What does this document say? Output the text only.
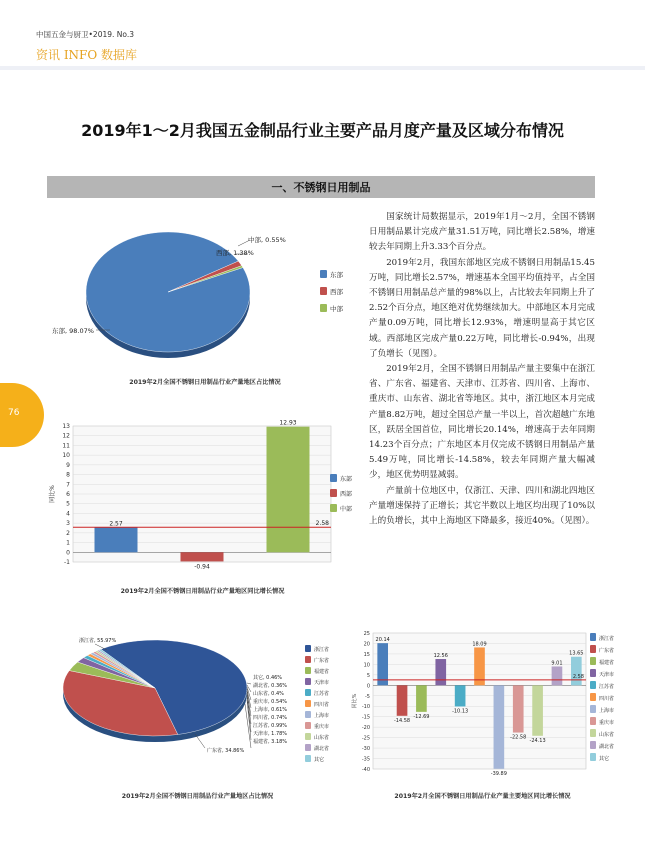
中国五金与厨卫•2019. No.3
资讯 INFO 数据库
2019年1～2月我国五金制品行业主要产品月度产量及区域分布情况
一、不锈钢日用制品
76

国家统计局数据显示，2019年1月～2月，全国不锈钢日用制品累计完成产量31.51万吨，同比增长2.58%，增速较去年同期上升3.33个百分点。

2019年2月，我国东部地区完成不锈钢日用制品15.45万吨，同比增长2.57%，增速基本全国平均值持平，占全国不锈钢日用制品总产量的98%以上，占比较去年同期上升了2.52个百分点，地区绝对优势继续加大。中部地区本月完成产量0.09万吨，同比增长12.93%，增速明显高于其它区域。西部地区完成产量0.22万吨，同比增长-0.94%，出现了负增长（见图）。

2019年2月，全国不锈钢日用制品产量主要集中在浙江省、广东省、福建省、天津市、江苏省、四川省、上海市、重庆市、山东省、湖北省等地区。其中，浙江地区本月完成产量8.82万吨，超过全国总产量一半以上，首次超越广东地区，跃居全国首位，同比增长20.14%，增速高于去年同期14.23个百分点；广东地区本月仅完成不锈钢日用制品产量5.49万吨，同比增长-14.58%，较去年同期产量大幅减少，地区优势明显减弱。

产量前十位地区中，仅浙江、天津、四川和湖北四地区产量增速保持了正增长；其它半数以上地区均出现了10%以上的负增长，其中上海地区下降最多，接近40%。（见图）。

东部, 98.07%
西部, 1.38%
中部, 0.55%
东部
西部
中部
2019年2月全国不锈钢日用制品行业产量地区占比情况
13
12
11
10
9
8
7
6
5
4
3
2
1
0
-1
2.57
-0.94
12.93
2.58
同比%
东部
西部
中部
2019年2月全国不锈钢日用制品行业产量地区同比增长情况
浙江省, 55.97%
广东省, 34.86%
福建省, 3.18%
天津市, 1.78%
江苏省, 0.99%
四川省, 0.74%
上海市, 0.61%
重庆市, 0.54%
山东省, 0.4%
湖北省, 0.36%
其它, 0.46%
浙江省
广东省
福建省
天津市
江苏省
四川省
上海市
重庆市
山东省
湖北省
其它
2019年2月全国不锈钢日用制品行业产量地区占比情况
25
20
15
10
5
0
-5
-10
-15
-20
-25
-30
-35
-40
20.14
-14.58
-12.69
12.56
-10.13
18.09
-39.89
-22.58
-24.13
9.01
13.65
2.58
同比%
浙江省
广东省
福建省
天津市
江苏省
四川省
上海市
重庆市
山东省
湖北省
其它
2019年2月全国不锈钢日用制品行业产量主要地区同比增长情况
